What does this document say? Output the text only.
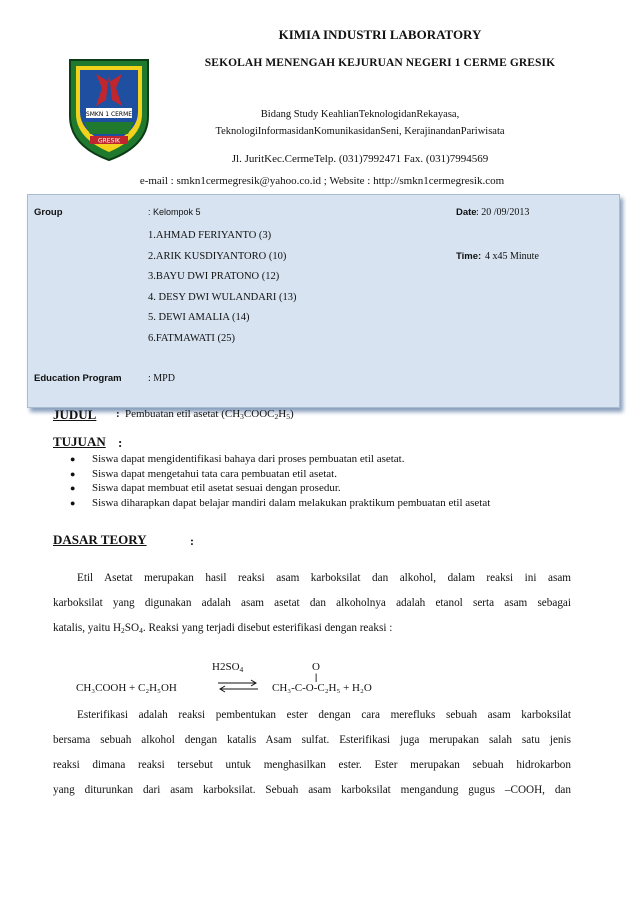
SMKN 1 CERME
GRESIK
KIMIA INDUSTRI LABORATORY
SEKOLAH MENENGAH KEJURUAN NEGERI 1 CERME GRESIK
Bidang Study KeahlianTeknologidanRekayasa,
TeknologiInformasidanKomunikasidanSeni, KerajinandanPariwisata
Jl. JuritKec.CermeTelp. (031)7992471 Fax. (031)7994569
e-mail : smkn1cermegresik@yahoo.co.id ; Website : http://smkn1cermegresik.com
Group	: Kelompok 5	Date : 20 /09/2013
1.AHMAD FERIYANTO (3)
2.ARIK KUSDIYANTORO (10)
3.BAYU DWI PRATONO (12)
4. DESY DWI WULANDARI (13)
5. DEWI AMALIA (14)
6.FATMAWATI (25)
Time: 4 x45 Minute
Education Program	: MPD
JUDUL : Pembuatan etil asetat $(CH_3COOC_2H_5)$
TUJUAN :
● Siswa dapat mengidentifikasi bahaya dari proses pembuatan etil asetat.
● Siswa dapat mengetahui tata cara pembuatan etil asetat.
● Siswa dapat membuat etil asetat sesuai dengan prosedur.
● Siswa diharapkan dapat belajar mandiri dalam melakukan praktikum pembuatan etil asetat
DASAR TEORY	:
Etil Asetat merupakan hasil reaksi asam karboksilat dan alkohol, dalam reaksi ini asam
karboksilat yang digunakan adalah asam asetat dan alkoholnya adalah etanol serta asam sebagai
katalis, yaitu $H_2SO_4$. Reaksi yang terjadi disebut esterifikasi dengan reaksi :
$H2SO_4$	O
||
CH₃COOH + C₂H₅OH ⇌ CH₃-C-O-C₂H₅ + H₂O
Esterifikasi adalah reaksi pembentukan ester dengan cara merefluks sebuah asam karboksilat
bersama sebuah alkohol dengan katalis Asam sulfat. Esterifikasi juga merupakan salah satu jenis
reaksi dimana reaksi tersebut untuk menghasilkan ester. Ester merupakan sebuah hidrokarbon
yang diturunkan dari asam karboksilat. Sebuah asam karboksilat mengandung gugus –COOH, dan
